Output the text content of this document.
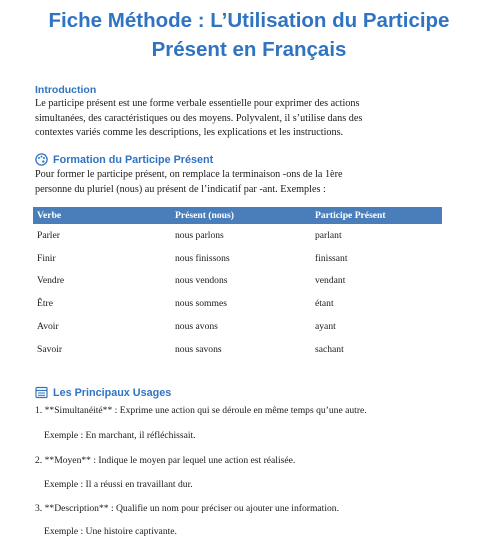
Fiche Méthode : L’Utilisation du Participe
Présent en Français
Introduction
Le participe présent est une forme verbale essentielle pour exprimer des actions
simultanées, des caractéristiques ou des moyens. Polyvalent, il s’utilise dans des
contextes variés comme les descriptions, les explications et les instructions.
Formation du Participe Présent
Pour former le participe présent, on remplace la terminaison -ons de la 1ère
personne du pluriel (nous) au présent de l’indicatif par -ant. Exemples :
Verbe	Présent (nous)	Participe Présent
Parler	nous parlons	parlant
Finir	nous finissons	finissant
Vendre	nous vendons	vendant
Être	nous sommes	étant
Avoir	nous avons	ayant
Savoir	nous savons	sachant
Les Principaux Usages
1. **Simultanéité** : Exprime une action qui se déroule en même temps qu’une autre.
Exemple : En marchant, il réfléchissait.
2. **Moyen** : Indique le moyen par lequel une action est réalisée.
Exemple : Il a réussi en travaillant dur.
3. **Description** : Qualifie un nom pour préciser ou ajouter une information.
Exemple : Une histoire captivante.
